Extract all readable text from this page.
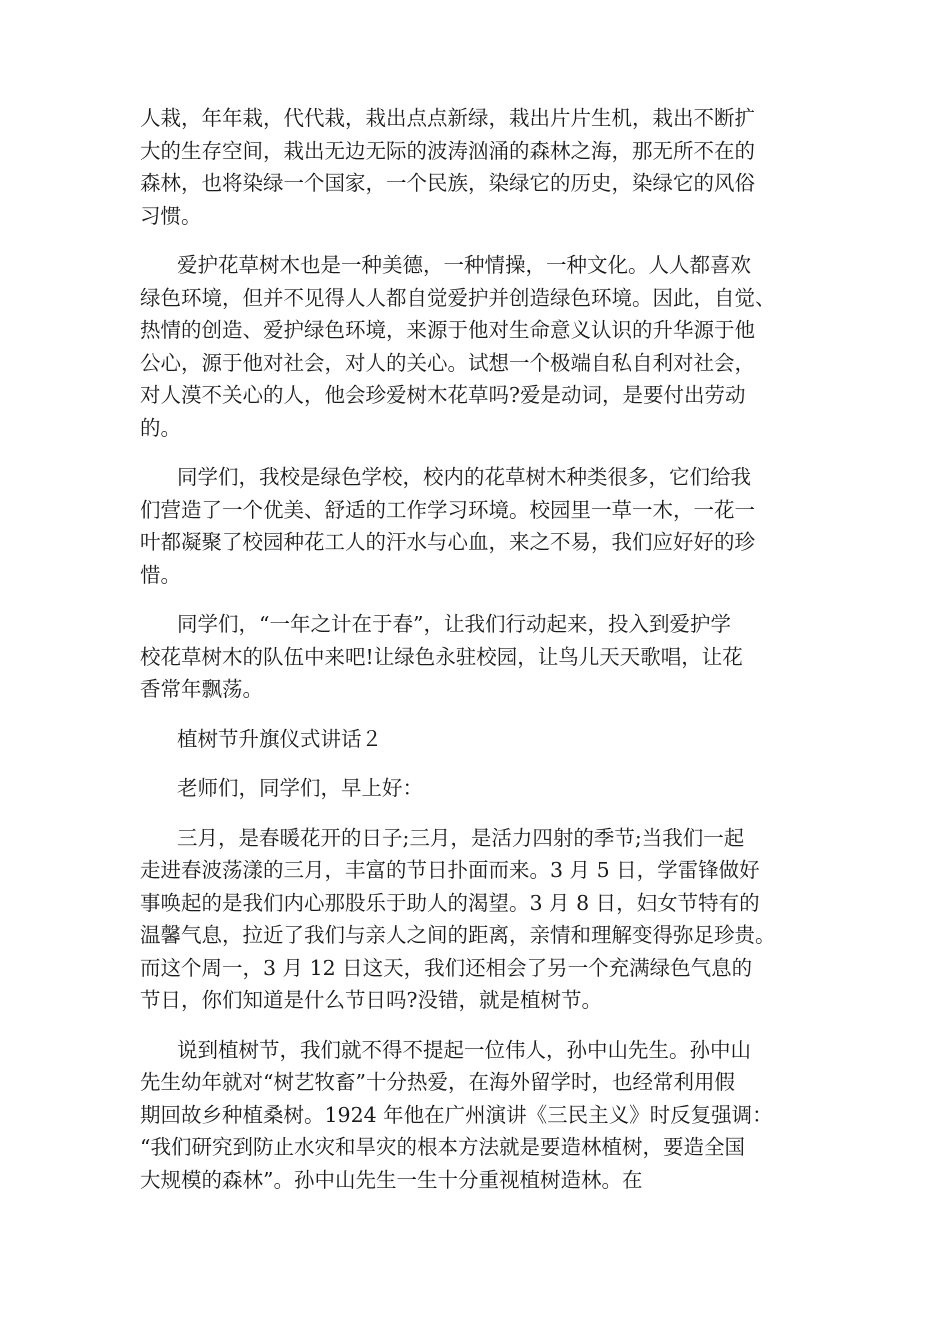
人栽，年年栽，代代栽，栽出点点新绿，栽出片片生机，栽出不断扩
大的生存空间，栽出无边无际的波涛汹涌的森林之海，那无所不在的
森林，也将染绿一个国家，一个民族，染绿它的历史，染绿它的风俗
习惯。
爱护花草树木也是一种美德，一种情操，一种文化。人人都喜欢
绿色环境，但并不见得人人都自觉爱护并创造绿色环境。因此，自觉、
热情的创造、爱护绿色环境，来源于他对生命意义认识的升华源于他
公心，源于他对社会，对人的关心。试想一个极端自私自利对社会，
对人漠不关心的人，他会珍爱树木花草吗?爱是动词，是要付出劳动
的。
同学们，我校是绿色学校，校内的花草树木种类很多，它们给我
们营造了一个优美、舒适的工作学习环境。校园里一草一木，一花一
叶都凝聚了校园种花工人的汗水与心血，来之不易，我们应好好的珍
惜。
同学们，“一年之计在于春”，让我们行动起来，投入到爱护学
校花草树木的队伍中来吧!让绿色永驻校园，让鸟儿天天歌唱，让花
香常年飘荡。
植树节升旗仪式讲话２
老师们，同学们，早上好：
三月，是春暖花开的日子;三月，是活力四射的季节;当我们一起
走进春波荡漾的三月，丰富的节日扑面而来。3 月 5 日，学雷锋做好
事唤起的是我们内心那股乐于助人的渴望。3 月 8 日，妇女节特有的
温馨气息，拉近了我们与亲人之间的距离，亲情和理解变得弥足珍贵。
而这个周一，3 月 12 日这天，我们还相会了另一个充满绿色气息的
节日，你们知道是什么节日吗?没错，就是植树节。
说到植树节，我们就不得不提起一位伟人，孙中山先生。孙中山
先生幼年就对“树艺牧畜”十分热爱，在海外留学时，也经常利用假
期回故乡种植桑树。1924 年他在广州演讲《三民主义》时反复强调：
“我们研究到防止水灾和旱灾的根本方法就是要造林植树，要造全国
大规模的森林”。孙中山先生一生十分重视植树造林。在
